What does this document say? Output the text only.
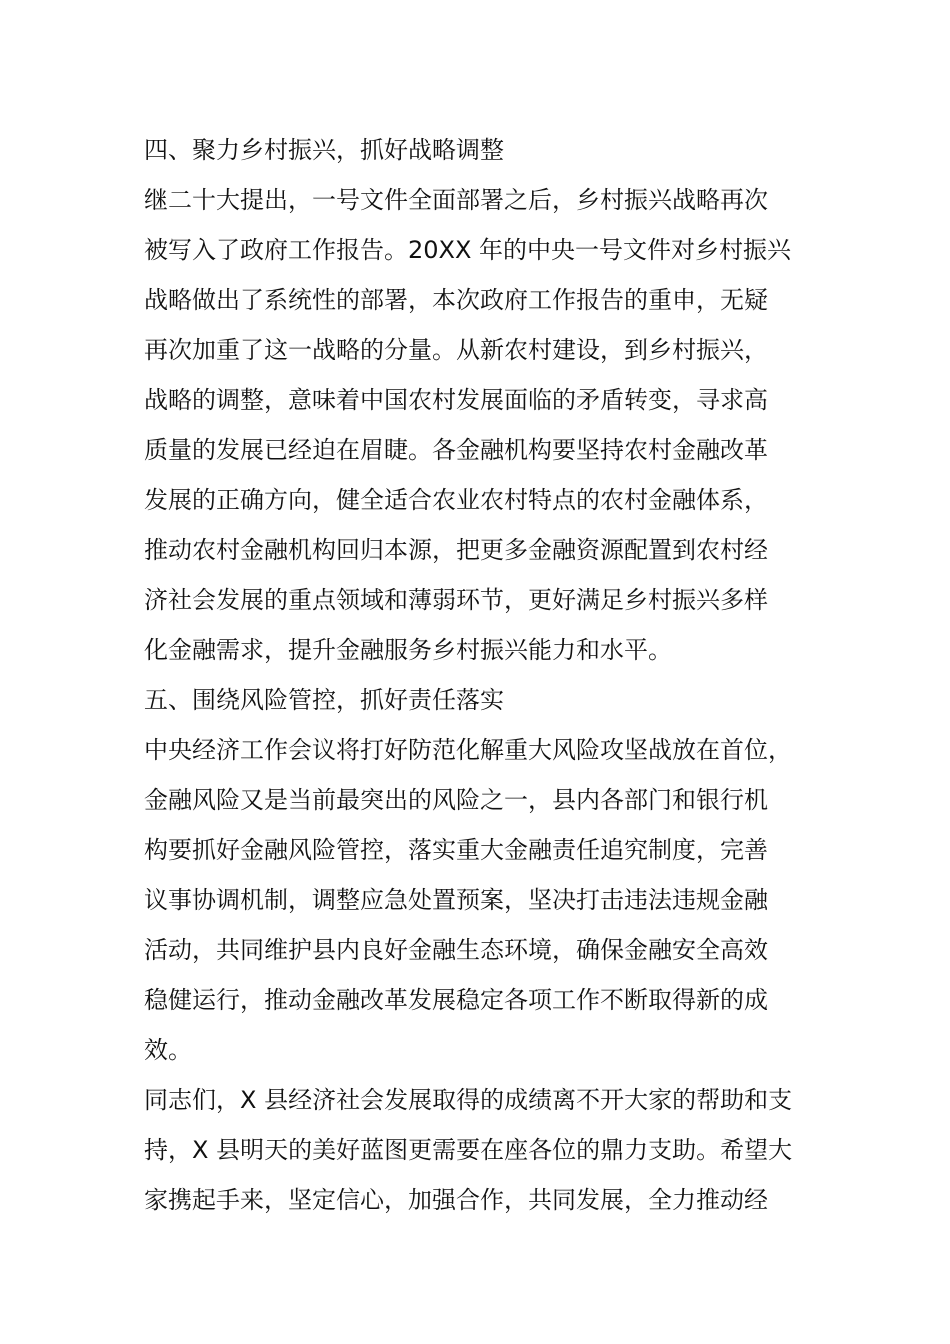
四、聚力乡村振兴，抓好战略调整
继二十大提出，一号文件全面部署之后，乡村振兴战略再次
被写入了政府工作报告。20XX 年的中央一号文件对乡村振兴
战略做出了系统性的部署，本次政府工作报告的重申，无疑
再次加重了这一战略的分量。从新农村建设，到乡村振兴，
战略的调整，意味着中国农村发展面临的矛盾转变，寻求高
质量的发展已经迫在眉睫。各金融机构要坚持农村金融改革
发展的正确方向，健全适合农业农村特点的农村金融体系，
推动农村金融机构回归本源，把更多金融资源配置到农村经
济社会发展的重点领域和薄弱环节，更好满足乡村振兴多样
化金融需求，提升金融服务乡村振兴能力和水平。
五、围绕风险管控，抓好责任落实
中央经济工作会议将打好防范化解重大风险攻坚战放在首位，
金融风险又是当前最突出的风险之一，县内各部门和银行机
构要抓好金融风险管控，落实重大金融责任追究制度，完善
议事协调机制，调整应急处置预案，坚决打击违法违规金融
活动，共同维护县内良好金融生态环境，确保金融安全高效
稳健运行，推动金融改革发展稳定各项工作不断取得新的成
效。
同志们，X 县经济社会发展取得的成绩离不开大家的帮助和支
持，X 县明天的美好蓝图更需要在座各位的鼎力支助。希望大
家携起手来，坚定信心，加强合作，共同发展，全力推动经
